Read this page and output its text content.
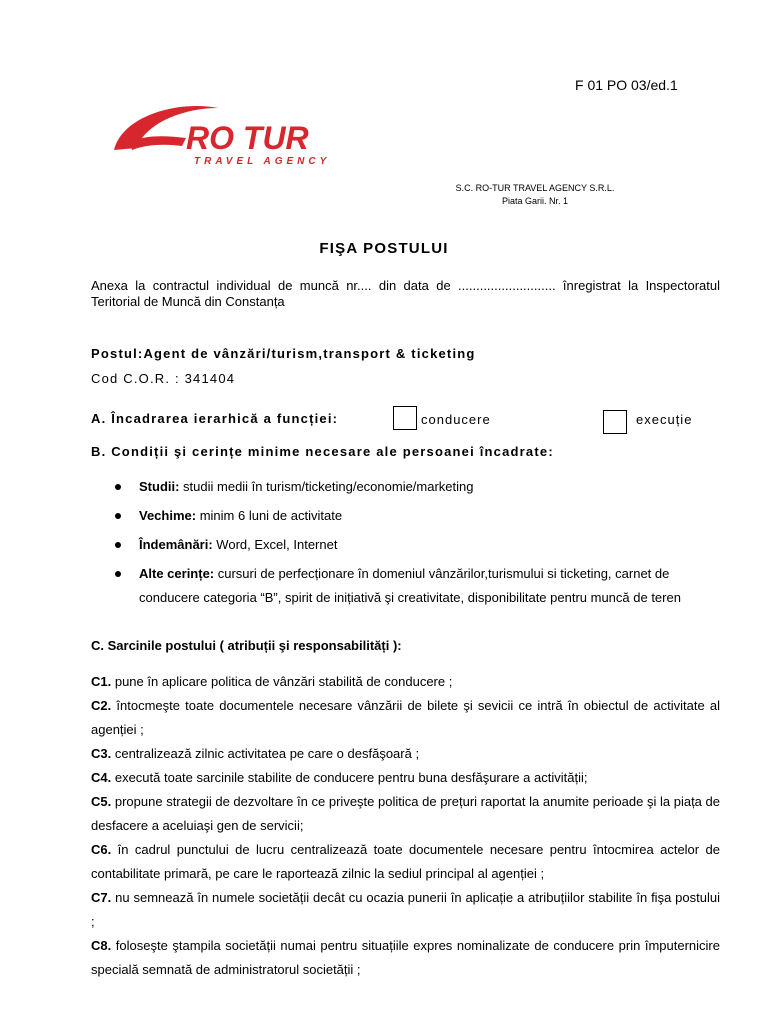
F 01 PO 03/ed.1
RO TUR
TRAVEL AGENCY
S.C. RO-TUR TRAVEL AGENCY S.R.L.
Piata Garii. Nr. 1
FIŞA POSTULUI
Anexa la contractul individual de muncă nr.... din data de ........................... înregistrat la Inspectoratul Teritorial de Muncă din Constanța
Postul:Agent de vânzări/turism,transport & ticketing
Cod C.O.R. : 341404
A. Încadrarea ierarhică a funcției:	conducere	execuție
B. Condiții şi cerințe minime necesare ale persoanei încadrate:
Studii: studii medii în turism/ticketing/economie/marketing
Vechime: minim 6 luni de activitate
Îndemânări: Word, Excel, Internet
Alte cerințe: cursuri de perfecționare în domeniul vânzărilor,turismului si ticketing, carnet de conducere categoria “B”, spirit de inițiativă şi creativitate, disponibilitate pentru muncă de teren
C. Sarcinile postului ( atribuții şi responsabilități ):
C1. pune în aplicare politica de vânzări stabilită de conducere ;
C2. întocmeşte toate documentele necesare vânzării de bilete şi sevicii ce intră în obiectul de activitate al agenției ;
C3. centralizează zilnic activitatea pe care o desfăşoară ;
C4. execută toate sarcinile stabilite de conducere pentru buna desfăşurare a activității;
C5. propune strategii de dezvoltare în ce priveşte politica de prețuri raportat la anumite perioade şi la piața de desfacere a aceluiaşi gen de servicii;
C6. în cadrul punctului de lucru centralizează toate documentele necesare pentru întocmirea actelor de contabilitate primară, pe care le raportează zilnic la sediul principal al agenției ;
C7. nu semnează în numele societății decât cu ocazia punerii în aplicație a atribuțiilor stabilite în fişa postului ;
C8. foloseşte ştampila societății numai pentru situațiile expres nominalizate de conducere prin împuternicire specială semnată de administratorul societății ;
